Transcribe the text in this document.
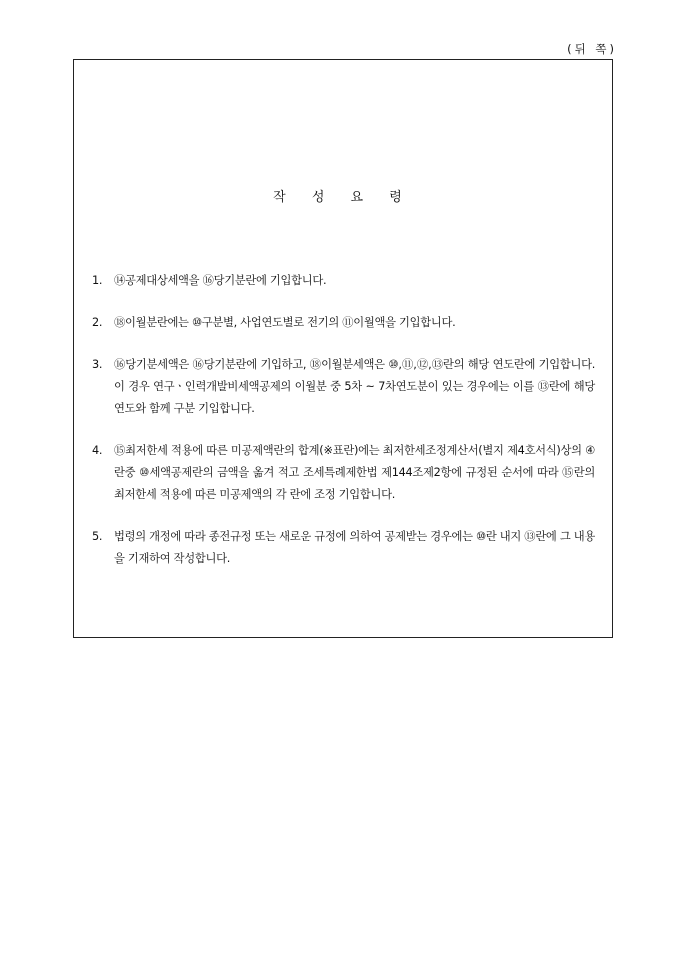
(뒤 쪽)
작 성 요 령
1. ⑭공제대상세액을 ⑯당기분란에 기입합니다.
2. ⑱이월분란에는 ⑩구분별, 사업연도별로 전기의 ⑪이월액을 기입합니다.
3. ⑯당기분세액은 ⑯당기분란에 기입하고, ⑱이월분세액은 ⑩,⑪,⑫,⑬란의 해당 연도란에 기입합니다. 이 경우 연구ㆍ인력개발비세액공제의 이월분 중 5차 ~ 7차연도분이 있는 경우에는 이를 ⑬란에 해당 연도와 함께 구분 기입합니다.
4. ⑮최저한세 적용에 따른 미공제액란의 합계(※표란)에는 최저한세조정계산서(별지 제4호서식)상의 ④란중 ⑩세액공제란의 금액을 옮겨 적고 조세특례제한법 제144조제2항에 규정된 순서에 따라 ⑮란의 최저한세 적용에 따른 미공제액의 각 란에 조정 기입합니다.
5. 법령의 개정에 따라 종전규정 또는 새로운 규정에 의하여 공제받는 경우에는 ⑩란 내지 ⑬란에 그 내용을 기재하여 작성합니다.
